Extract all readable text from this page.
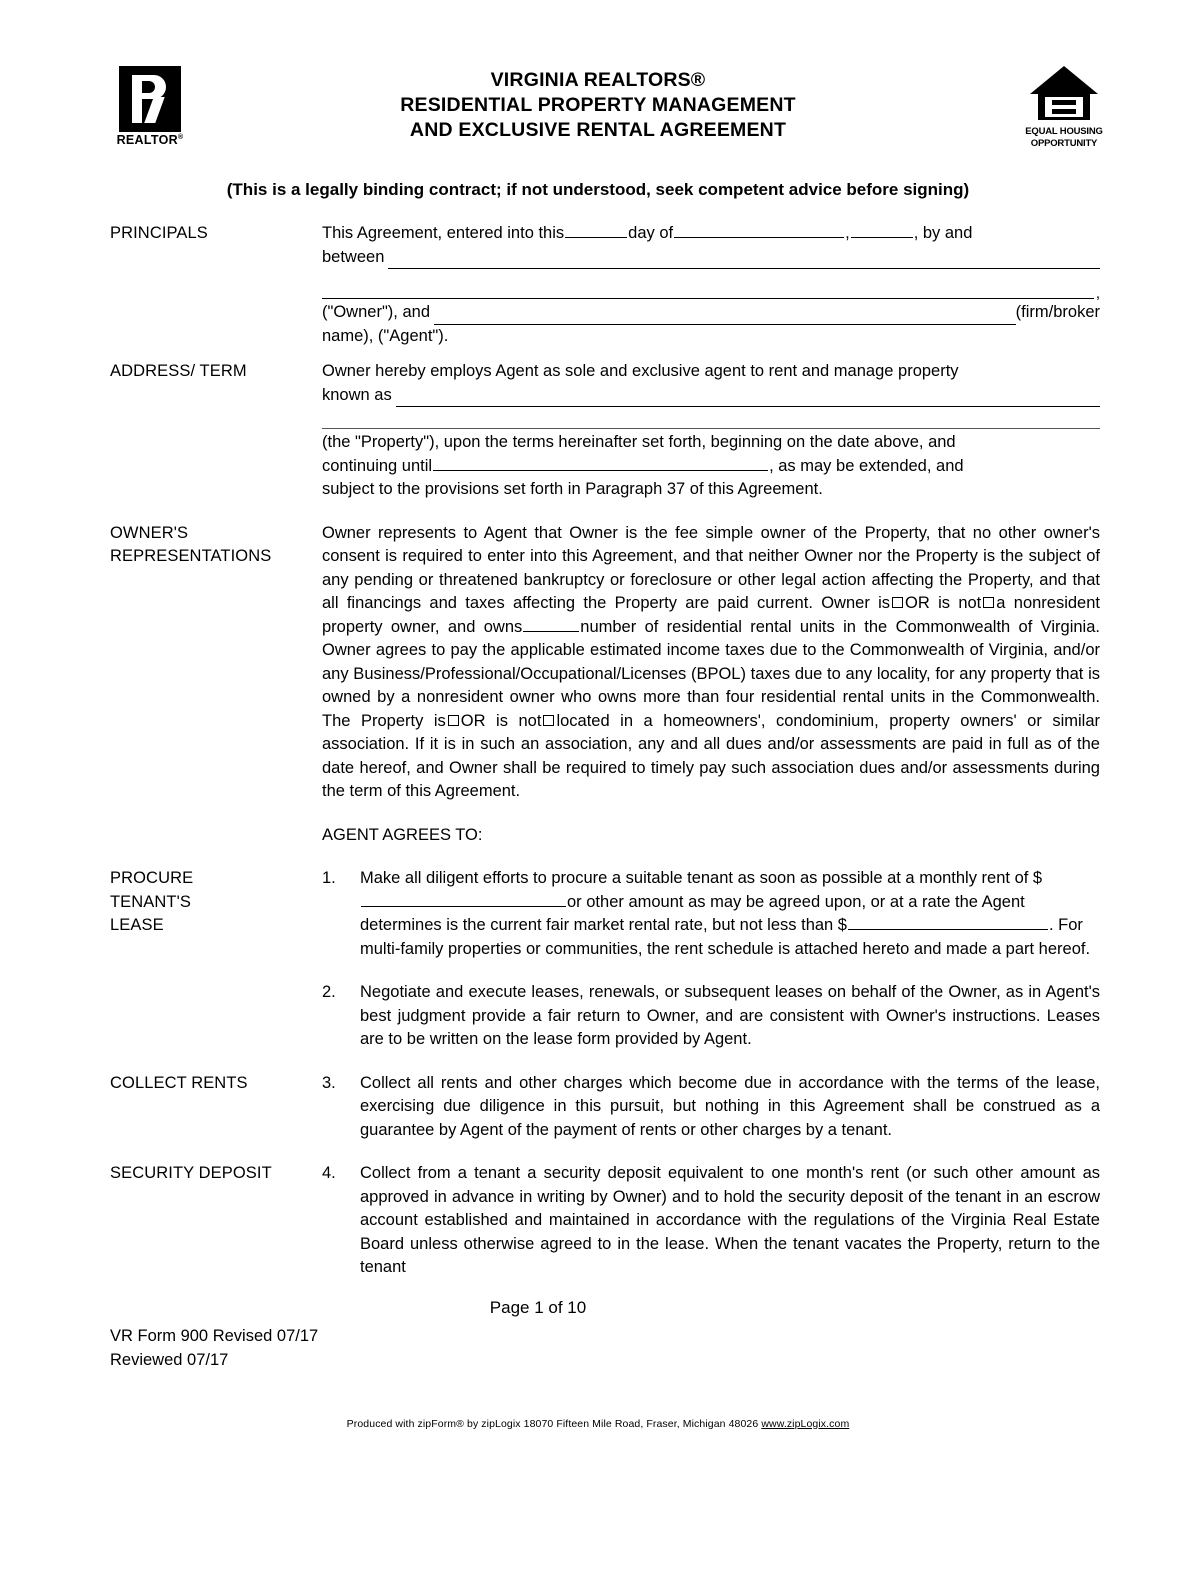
REALTOR®
VIRGINIA REALTORS®
RESIDENTIAL PROPERTY MANAGEMENT
AND EXCLUSIVE RENTAL AGREEMENT	EQUAL HOUSING
OPPORTUNITY
(This is a legally binding contract; if not understood, seek competent advice before signing)
PRINCIPALS	This Agreement, entered into this	day of	,	, by and
between
,
("Owner"), and	(firm/broker
name), ("Agent").
ADDRESS/ TERM	Owner hereby employs Agent as sole and exclusive agent to rent and manage property
known as
(the "Property"), upon the terms hereinafter set forth, beginning on the date above, and
continuing until	, as may be extended, and
subject to the provisions set forth in Paragraph 37 of this Agreement.
OWNER'S
REPRESENTATIONS
Owner represents to Agent that Owner is the fee simple owner of the Property, that no other owner's consent is required to enter into this Agreement, and that neither Owner nor the Property is the subject of any pending or threatened bankruptcy or foreclosure or other legal action affecting the Property, and that all financings and taxes affecting the Property are paid current. Owner is OR is not a nonresident property owner, and owns	number of residential rental units in the Commonwealth of Virginia. Owner agrees to pay the applicable estimated income taxes due to the Commonwealth of Virginia, and/or any Business/Professional/Occupational/Licenses (BPOL) taxes due to any locality, for any property that is owned by a nonresident owner who owns more than four residential rental units in the Commonwealth. The Property is OR is not located in a homeowners', condominium, property owners' or similar association. If it is in such an association, any and all dues and/or assessments are paid in full as of the date hereof, and Owner shall be required to timely pay such association dues and/or assessments during the term of this Agreement.
AGENT AGREES TO:
PROCURE
TENANT'S
LEASE
1.	Make all diligent efforts to procure a suitable tenant as soon as possible at a monthly rent of $or other amount as may be agreed upon, or at a rate the Agent determines is the current fair market rental rate, but not less than $	. For multi-family properties or communities, the rent schedule is attached hereto and made a part hereof.
2.	Negotiate and execute leases, renewals, or subsequent leases on behalf of the Owner, as in Agent's best judgment provide a fair return to Owner, and are consistent with Owner's instructions. Leases are to be written on the lease form provided by Agent.
COLLECT RENTS	3.	Collect all rents and other charges which become due in accordance with the terms of the lease, exercising due diligence in this pursuit, but nothing in this Agreement shall be construed as a guarantee by Agent of the payment of rents or other charges by a tenant.
SECURITY DEPOSIT	4.	Collect from a tenant a security deposit equivalent to one month's rent (or such other amount as approved in advance in writing by Owner) and to hold the security deposit of the tenant in an escrow account established and maintained in accordance with the regulations of the Virginia Real Estate Board unless otherwise agreed to in the lease. When the tenant vacates the Property, return to the tenant
Page 1 of 10
VR Form 900 Revised 07/17
Reviewed 07/17
Produced with zipForm® by zipLogix 18070 Fifteen Mile Road, Fraser, Michigan 48026 www.zipLogix.com
